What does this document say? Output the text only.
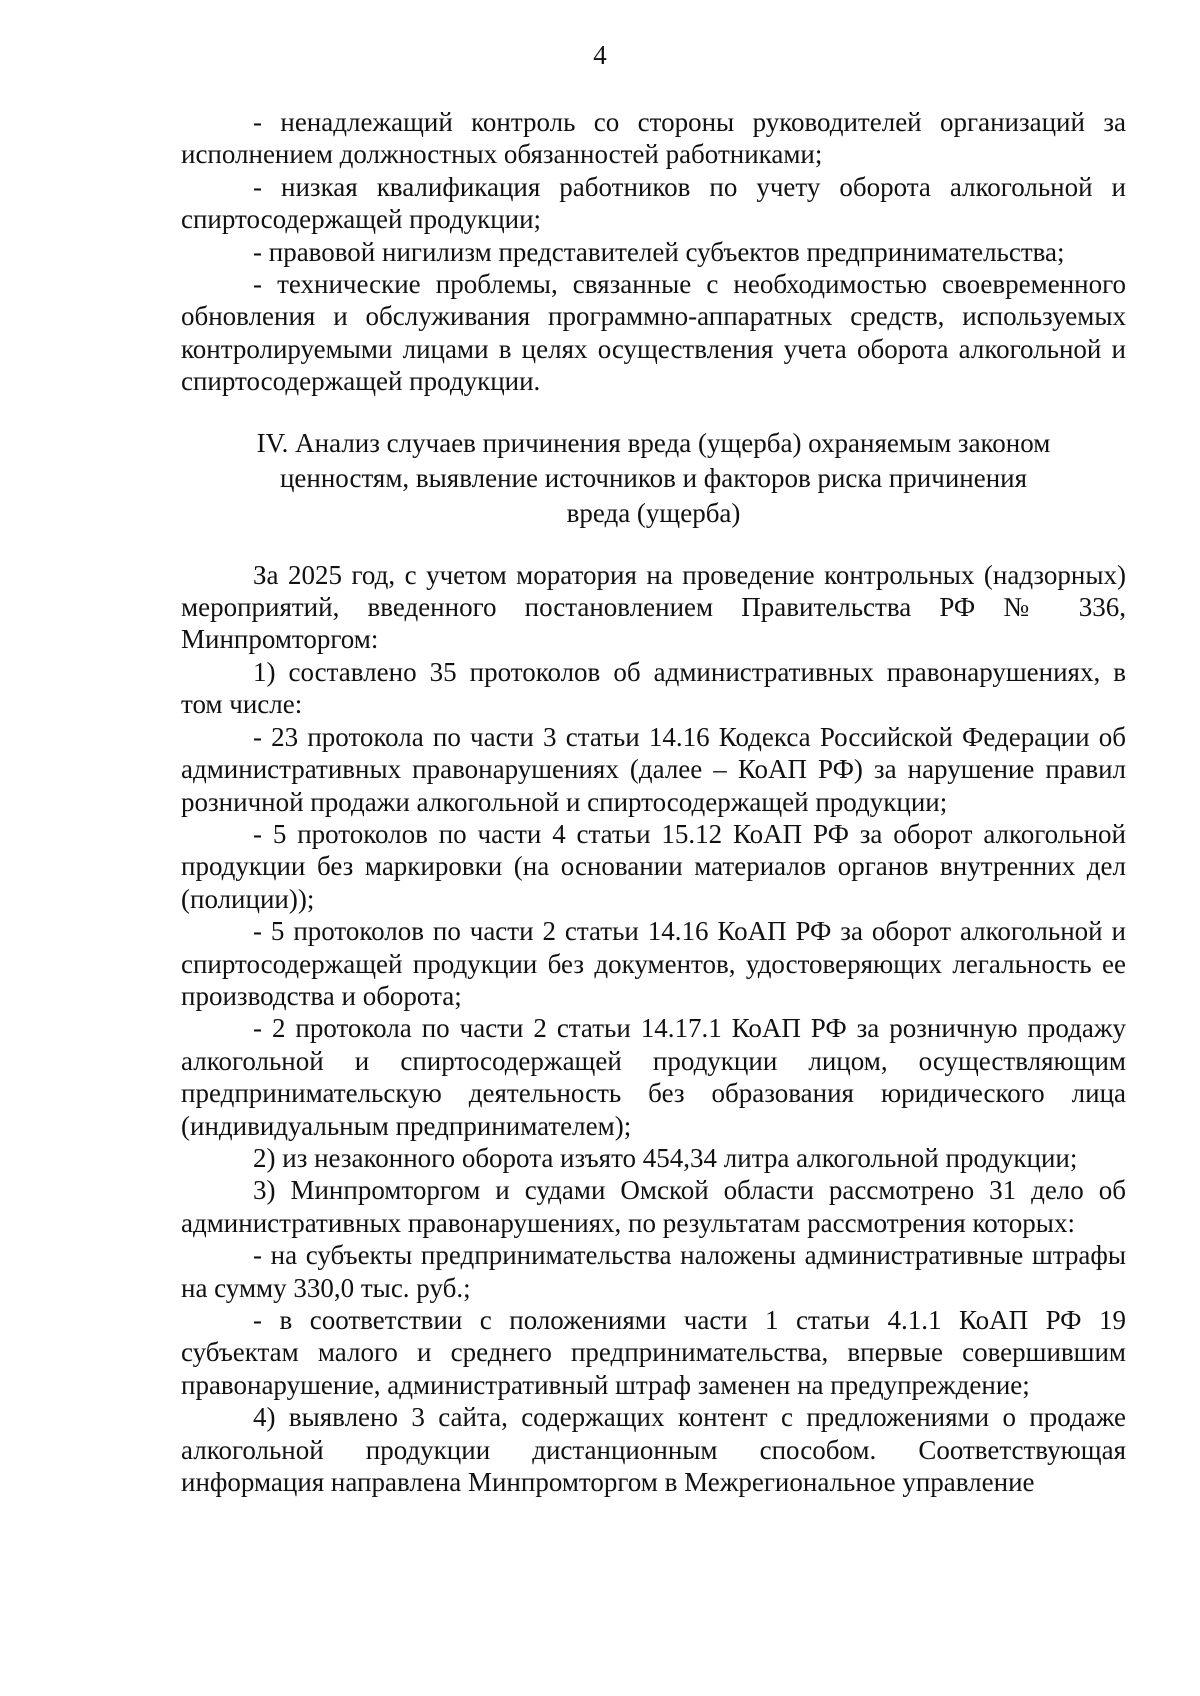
4

- ненадлежащий контроль со стороны руководителей организаций за исполнением должностных обязанностей работниками;

- низкая квалификация работников по учету оборота алкогольной и спиртосодержащей продукции;

- правовой нигилизм представителей субъектов предпринимательства;

- технические проблемы, связанные с необходимостью своевременного обновления и обслуживания программно-аппаратных средств, используемых контролируемыми лицами в целях осуществления учета оборота алкогольной и спиртосодержащей продукции.

IV. Анализ случаев причинения вреда (ущерба) охраняемым законом
ценностям, выявление источников и факторов риска причинения
вреда (ущерба)

За 2025 год, с учетом моратория на проведение контрольных (надзорных) мероприятий, введенного постановлением Правительства РФ № 336, Минпромторгом:

1) составлено 35 протоколов об административных правонарушениях, в том числе:

- 23 протокола по части 3 статьи 14.16 Кодекса Российской Федерации об административных правонарушениях (далее – КоАП РФ) за нарушение правил розничной продажи алкогольной и спиртосодержащей продукции;

- 5 протоколов по части 4 статьи 15.12 КоАП РФ за оборот алкогольной продукции без маркировки (на основании материалов органов внутренних дел (полиции));

- 5 протоколов по части 2 статьи 14.16 КоАП РФ за оборот алкогольной и спиртосодержащей продукции без документов, удостоверяющих легальность ее производства и оборота;

- 2 протокола по части 2 статьи 14.17.1 КоАП РФ за розничную продажу алкогольной и спиртосодержащей продукции лицом, осуществляющим предпринимательскую деятельность без образования юридического лица (индивидуальным предпринимателем);

2) из незаконного оборота изъято 454,34 литра алкогольной продукции;

3) Минпромторгом и судами Омской области рассмотрено 31 дело об административных правонарушениях, по результатам рассмотрения которых:

- на субъекты предпринимательства наложены административные штрафы на сумму 330,0 тыс. руб.;

- в соответствии с положениями части 1 статьи 4.1.1 КоАП РФ 19 субъектам малого и среднего предпринимательства, впервые совершившим правонарушение, административный штраф заменен на предупреждение;

4) выявлено 3 сайта, содержащих контент с предложениями о продаже алкогольной продукции дистанционным способом. Соответствующая информация направлена Минпромторгом в Межрегиональное управление
